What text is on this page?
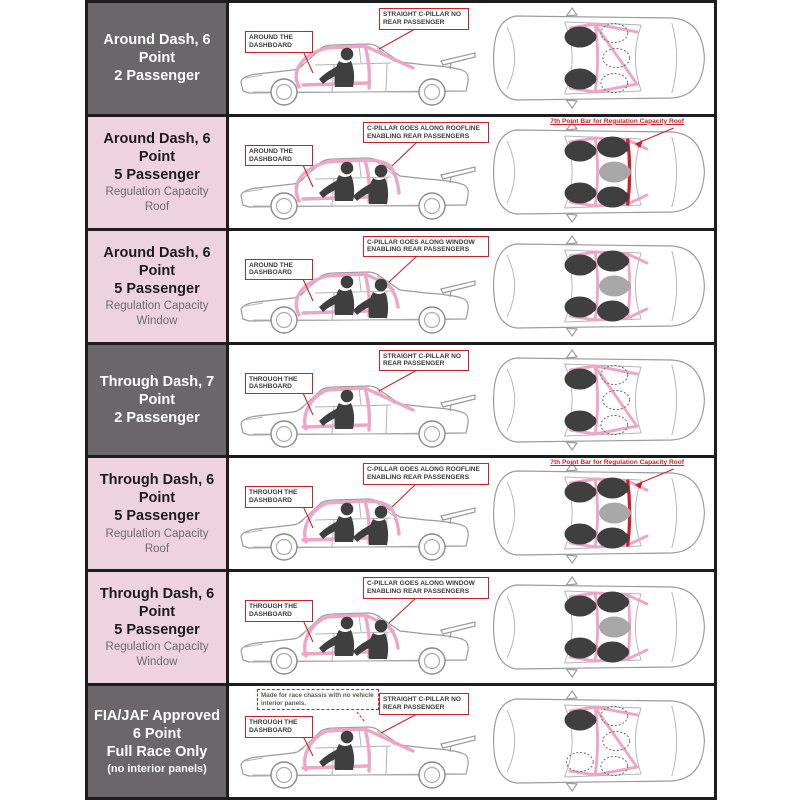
Around Dash, 6 Point
2 Passenger
AROUND THE DASHBOARD
STRAIGHT C-PILLAR NO REAR PASSENGER
Around Dash, 6 Point
5 Passenger
Regulation Capacity Roof
AROUND THE DASHBOARD
C-PILLAR GOES ALONG ROOFLINE ENABLING REAR PASSENGERS
7th Point Bar for Regulation Capacity Roof
Around Dash, 6 Point
5 Passenger
Regulation Capacity Window
AROUND THE DASHBOARD
C-PILLAR GOES ALONG WINDOW ENABLING REAR PASSENGERS
Through Dash, 7 Point
2 Passenger
THROUGH THE DASHBOARD
STRAIGHT C-PILLAR NO REAR PASSENGER
Through Dash, 6 Point
5 Passenger
Regulation Capacity Roof
THROUGH THE DASHBOARD
C-PILLAR GOES ALONG ROOFLINE ENABLING REAR PASSENGERS
7th Point Bar for Regulation Capacity Roof
Through Dash, 6 Point
5 Passenger
Regulation Capacity Window
THROUGH THE DASHBOARD
C-PILLAR GOES ALONG WINDOW ENABLING REAR PASSENGERS
FIA/JAF Approved
6 Point
Full Race Only
(no interior panels)
Made for race chassis with no vehicle interior panels.
THROUGH THE DASHBOARD
STRAIGHT C-PILLAR NO REAR PASSENGER
